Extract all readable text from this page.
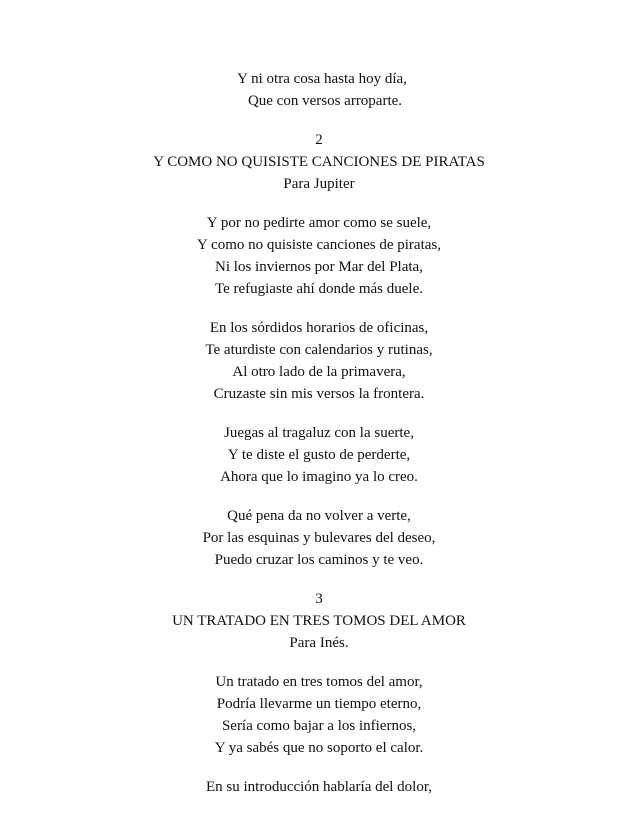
Y ni otra cosa hasta hoy día,
Que con versos arroparte.
2
Y COMO NO QUISISTE CANCIONES DE PIRATAS
Para Jupiter
Y por no pedirte amor como se suele,
Y como no quisiste canciones de piratas,
Ni los inviernos por Mar del Plata,
Te refugiaste ahí donde más duele.
En los sórdidos horarios de oficinas,
Te aturdiste con calendarios y rutinas,
Al otro lado de la primavera,
Cruzaste sin mis versos la frontera.
Juegas al tragaluz con la suerte,
Y te diste el gusto de perderte,
Ahora que lo imagino ya lo creo.
Qué pena da no volver a verte,
Por las esquinas y bulevares del deseo,
Puedo cruzar los caminos y te veo.
3
UN TRATADO EN TRES TOMOS DEL AMOR
Para Inés.
Un tratado en tres tomos del amor,
Podría llevarme un tiempo eterno,
Sería como bajar a los infiernos,
Y ya sabés que no soporto el calor.
En su introducción hablaría del dolor,
